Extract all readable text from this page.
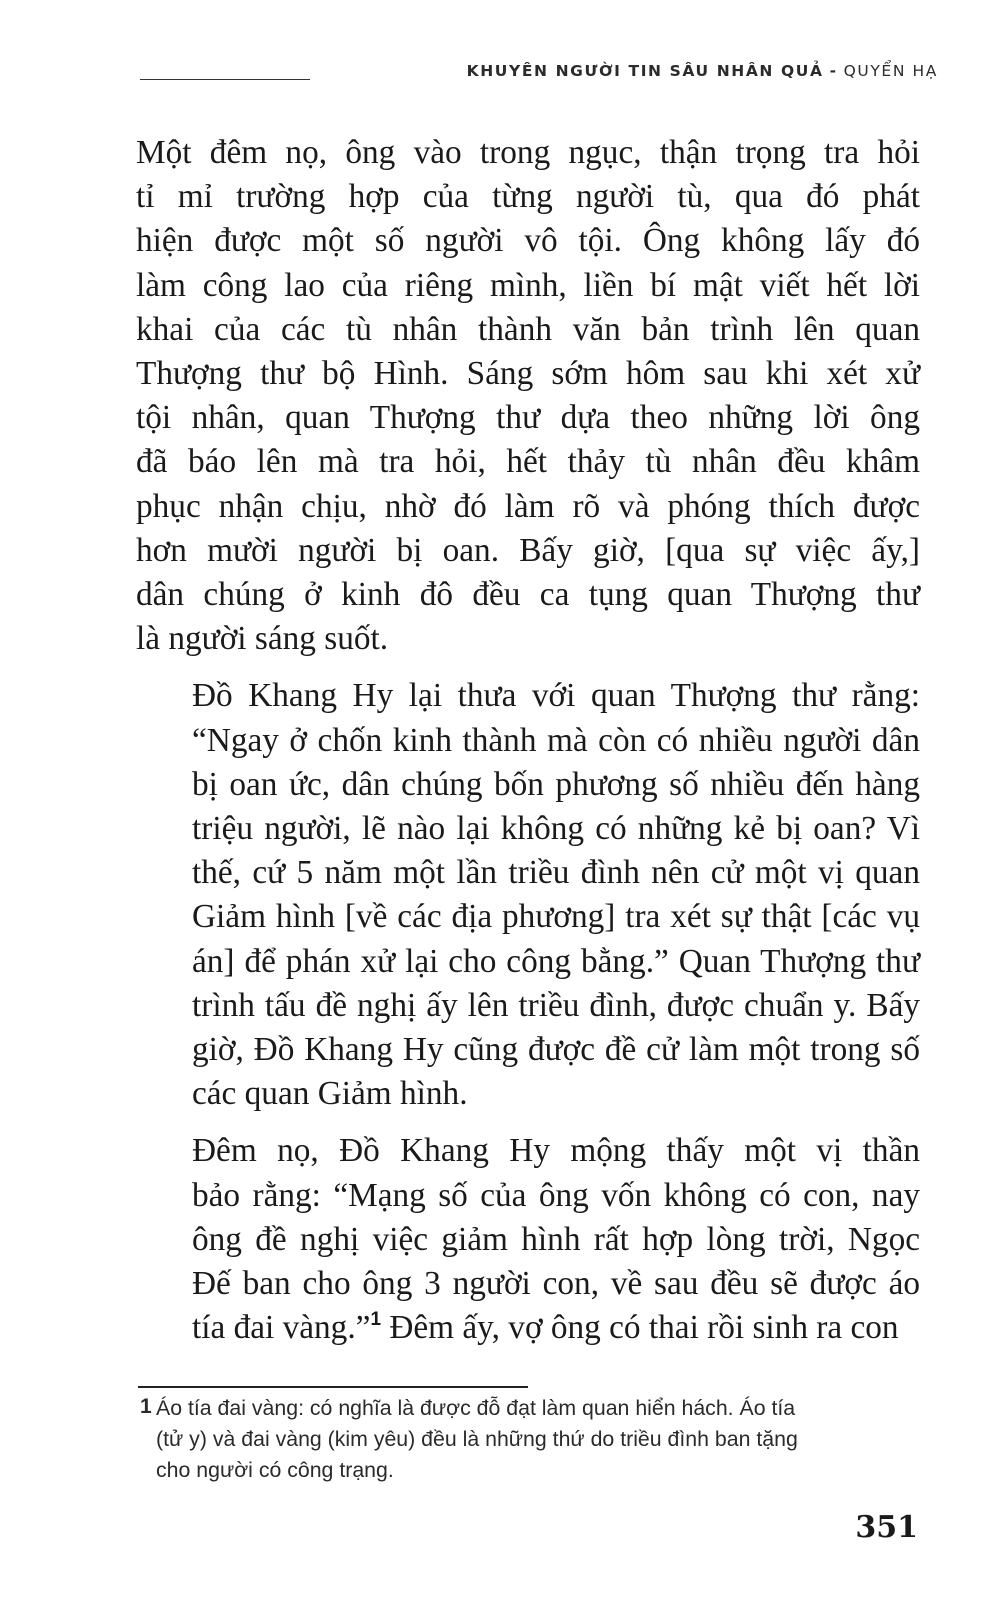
KHUYÊN NGƯỜI TIN SÂU NHÂN QUẢ - QUYỂN HẠ

Một đêm nọ, ông vào trong ngục, thận trọng tra hỏi
tỉ mỉ trường hợp của từng người tù, qua đó phát
hiện được một số người vô tội. Ông không lấy đó
làm công lao của riêng mình, liền bí mật viết hết lời
khai của các tù nhân thành văn bản trình lên quan
Thượng thư bộ Hình. Sáng sớm hôm sau khi xét xử
tội nhân, quan Thượng thư dựa theo những lời ông
đã báo lên mà tra hỏi, hết thảy tù nhân đều khâm
phục nhận chịu, nhờ đó làm rõ và phóng thích được
hơn mười người bị oan. Bấy giờ, [qua sự việc ấy,]
dân chúng ở kinh đô đều ca tụng quan Thượng thư
là người sáng suốt.

Đồ Khang Hy lại thưa với quan Thượng thư rằng:
“Ngay ở chốn kinh thành mà còn có nhiều người dân
bị oan ức, dân chúng bốn phương số nhiều đến hàng
triệu người, lẽ nào lại không có những kẻ bị oan? Vì
thế, cứ 5 năm một lần triều đình nên cử một vị quan
Giảm hình [về các địa phương] tra xét sự thật [các vụ
án] để phán xử lại cho công bằng.” Quan Thượng thư
trình tấu đề nghị ấy lên triều đình, được chuẩn y. Bấy
giờ, Đồ Khang Hy cũng được đề cử làm một trong số
các quan Giảm hình.

Đêm nọ, Đồ Khang Hy mộng thấy một vị thần
bảo rằng: “Mạng số của ông vốn không có con, nay
ông đề nghị việc giảm hình rất hợp lòng trời, Ngọc
Đế ban cho ông 3 người con, về sau đều sẽ được áo
tía đai vàng.”$^1$ Đêm ấy, vợ ông có thai rồi sinh ra con

1 Áo tía đai vàng: có nghĩa là được đỗ đạt làm quan hiển hách. Áo tía
(tử y) và đai vàng (kim yêu) đều là những thứ do triều đình ban tặng
cho người có công trạng.
351
